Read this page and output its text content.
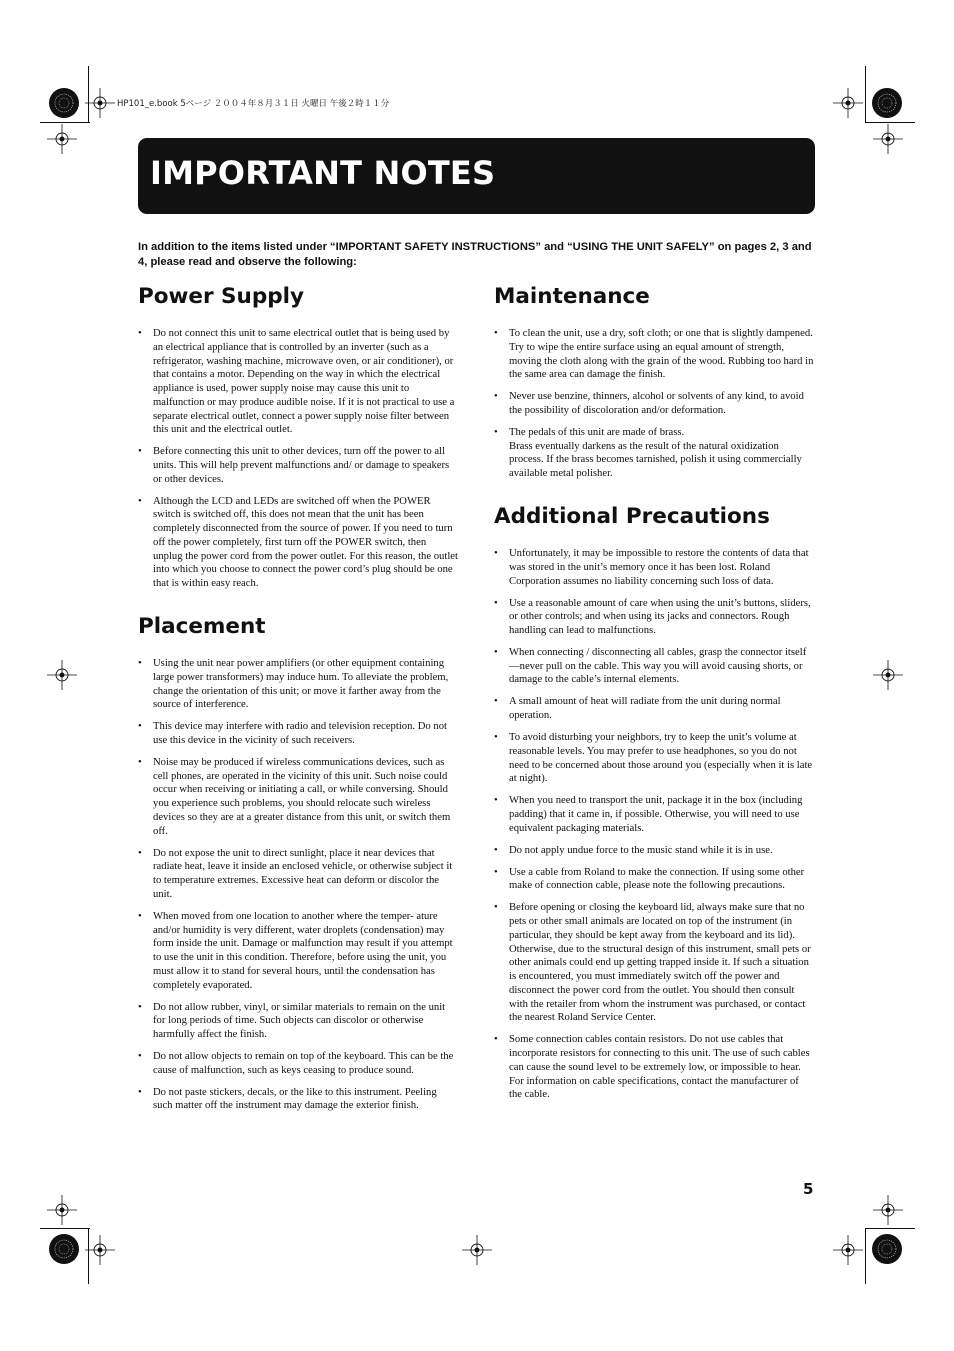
HP101_e.book 5ページ ２００４年８月３１日 火曜日 午後２時１１分
IMPORTANT NOTES

In addition to the items listed under “IMPORTANT SAFETY INSTRUCTIONS” and “USING THE UNIT SAFELY” on pages 2, 3 and 4, please read and observe the following:

Power Supply
• Do not connect this unit to same electrical outlet that is being used by an electrical appliance that is controlled by an inverter (such as a refrigerator, washing machine, microwave oven, or air conditioner), or that contains a motor. Depending on the way in which the electrical appliance is used, power supply noise may cause this unit to malfunction or may produce audible noise. If it is not practical to use a separate electrical outlet, connect a power supply noise filter between this unit and the electrical outlet.
• Before connecting this unit to other devices, turn off the power to all units. This will help prevent malfunctions and/ or damage to speakers or other devices.
• Although the LCD and LEDs are switched off when the POWER switch is switched off, this does not mean that the unit has been completely disconnected from the source of power. If you need to turn off the power completely, first turn off the POWER switch, then unplug the power cord from the power outlet. For this reason, the outlet into which you choose to connect the power cord’s plug should be one that is within easy reach.
Placement
• Using the unit near power amplifiers (or other equipment containing large power transformers) may induce hum. To alleviate the problem, change the orientation of this unit; or move it farther away from the source of interference.
• This device may interfere with radio and television reception. Do not use this device in the vicinity of such receivers.
• Noise may be produced if wireless communications devices, such as cell phones, are operated in the vicinity of this unit. Such noise could occur when receiving or initiating a call, or while conversing. Should you experience such problems, you should relocate such wireless devices so they are at a greater distance from this unit, or switch them off.
• Do not expose the unit to direct sunlight, place it near devices that radiate heat, leave it inside an enclosed vehicle, or otherwise subject it to temperature extremes. Excessive heat can deform or discolor the unit.
• When moved from one location to another where the temper- ature and/or humidity is very different, water droplets (condensation) may form inside the unit. Damage or malfunction may result if you attempt to use the unit in this condition. Therefore, before using the unit, you must allow it to stand for several hours, until the condensation has completely evaporated.
• Do not allow rubber, vinyl, or similar materials to remain on the unit for long periods of time. Such objects can discolor or otherwise harmfully affect the finish.
• Do not allow objects to remain on top of the keyboard. This can be the cause of malfunction, such as keys ceasing to produce sound.
• Do not paste stickers, decals, or the like to this instrument. Peeling such matter off the instrument may damage the exterior finish.
Maintenance
• To clean the unit, use a dry, soft cloth; or one that is slightly dampened. Try to wipe the entire surface using an equal amount of strength, moving the cloth along with the grain of the wood. Rubbing too hard in the same area can damage the finish.
• Never use benzine, thinners, alcohol or solvents of any kind, to avoid the possibility of discoloration and/or deformation.
• The pedals of this unit are made of brass.
Brass eventually darkens as the result of the natural oxidization process. If the brass becomes tarnished, polish it using commercially available metal polisher.
Additional Precautions
• Unfortunately, it may be impossible to restore the contents of data that was stored in the unit’s memory once it has been lost. Roland Corporation assumes no liability concerning such loss of data.
• Use a reasonable amount of care when using the unit’s buttons, sliders, or other controls; and when using its jacks and connectors. Rough handling can lead to malfunctions.
• When connecting / disconnecting all cables, grasp the connector itself—never pull on the cable. This way you will avoid causing shorts, or damage to the cable’s internal elements.
• A small amount of heat will radiate from the unit during normal operation.
• To avoid disturbing your neighbors, try to keep the unit’s volume at reasonable levels. You may prefer to use headphones, so you do not need to be concerned about those around you (especially when it is late at night).
• When you need to transport the unit, package it in the box (including padding) that it came in, if possible. Otherwise, you will need to use equivalent packaging materials.
• Do not apply undue force to the music stand while it is in use.
• Use a cable from Roland to make the connection. If using some other make of connection cable, please note the following precautions.
• Before opening or closing the keyboard lid, always make sure that no pets or other small animals are located on top of the instrument (in particular, they should be kept away from the keyboard and its lid). Otherwise, due to the structural design of this instrument, small pets or other animals could end up getting trapped inside it. If such a situation is encountered, you must immediately switch off the power and disconnect the power cord from the outlet. You should then consult with the retailer from whom the instrument was purchased, or contact the nearest Roland Service Center.
• Some connection cables contain resistors. Do not use cables that incorporate resistors for connecting to this unit. The use of such cables can cause the sound level to be extremely low, or impossible to hear. For information on cable specifications, contact the manufacturer of the cable.
5
